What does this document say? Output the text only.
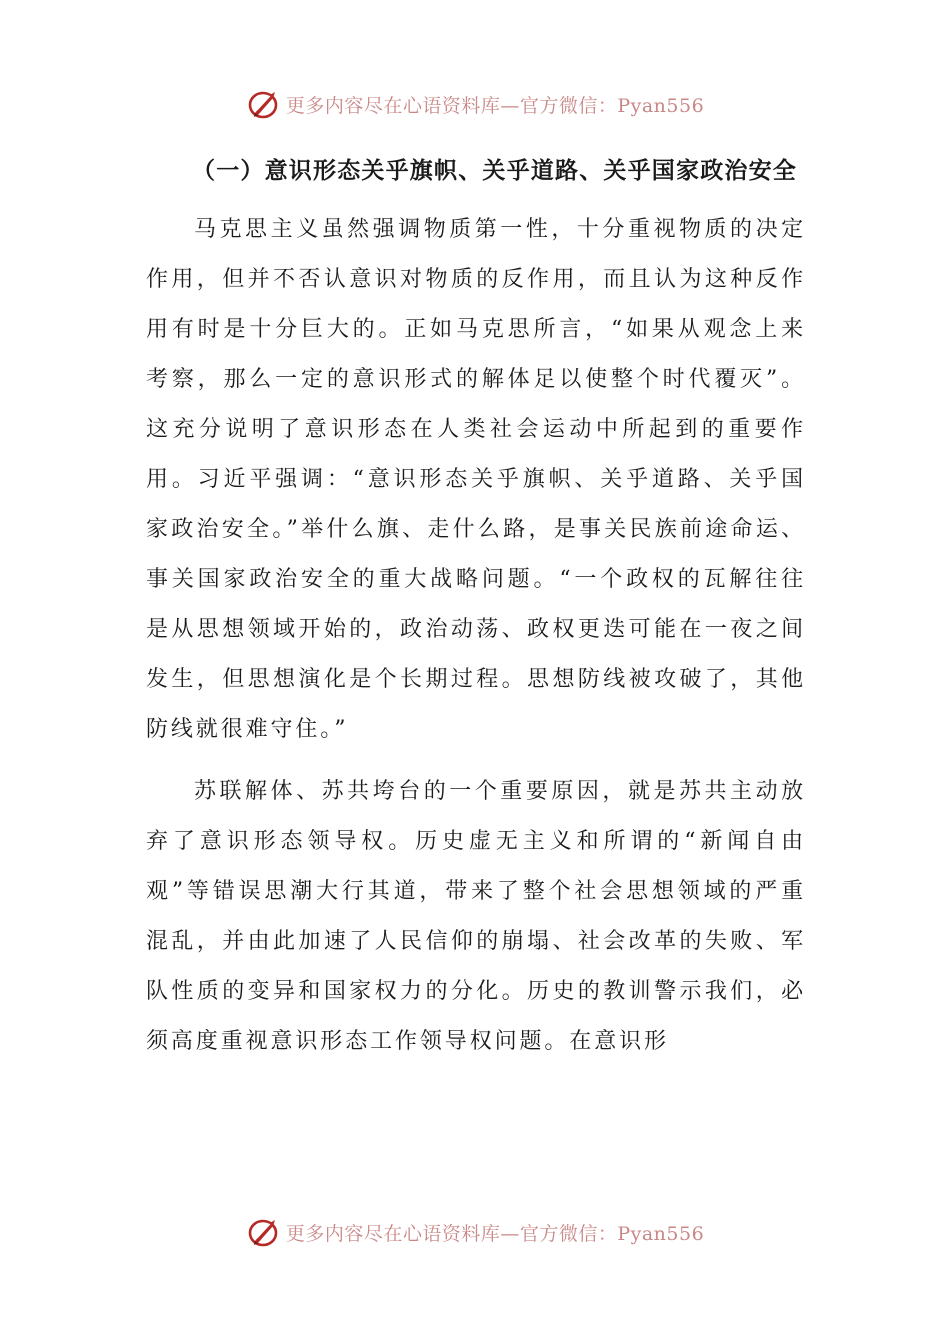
更多内容尽在心语资料库—官方微信：Pyan556
（一）意识形态关乎旗帜、关乎道路、关乎国家政治安全

马克思主义虽然强调物质第一性，十分重视物质的决定作用，但并不否认意识对物质的反作用，而且认为这种反作用有时是十分巨大的。正如马克思所言，“如果从观念上来考察，那么一定的意识形式的解体足以使整个时代覆灭”。这充分说明了意识形态在人类社会运动中所起到的重要作用。习近平强调：“意识形态关乎旗帜、关乎道路、关乎国家政治安全。”举什么旗、走什么路，是事关民族前途命运、事关国家政治安全的重大战略问题。“一个政权的瓦解往往是从思想领域开始的，政治动荡、政权更迭可能在一夜之间发生，但思想演化是个长期过程。思想防线被攻破了，其他防线就很难守住。”

苏联解体、苏共垮台的一个重要原因，就是苏共主动放弃了意识形态领导权。历史虚无主义和所谓的“新闻自由观”等错误思潮大行其道，带来了整个社会思想领域的严重混乱，并由此加速了人民信仰的崩塌、社会改革的失败、军队性质的变异和国家权力的分化。历史的教训警示我们，必须高度重视意识形态工作领导权问题。在意识形

更多内容尽在心语资料库—官方微信：Pyan556
